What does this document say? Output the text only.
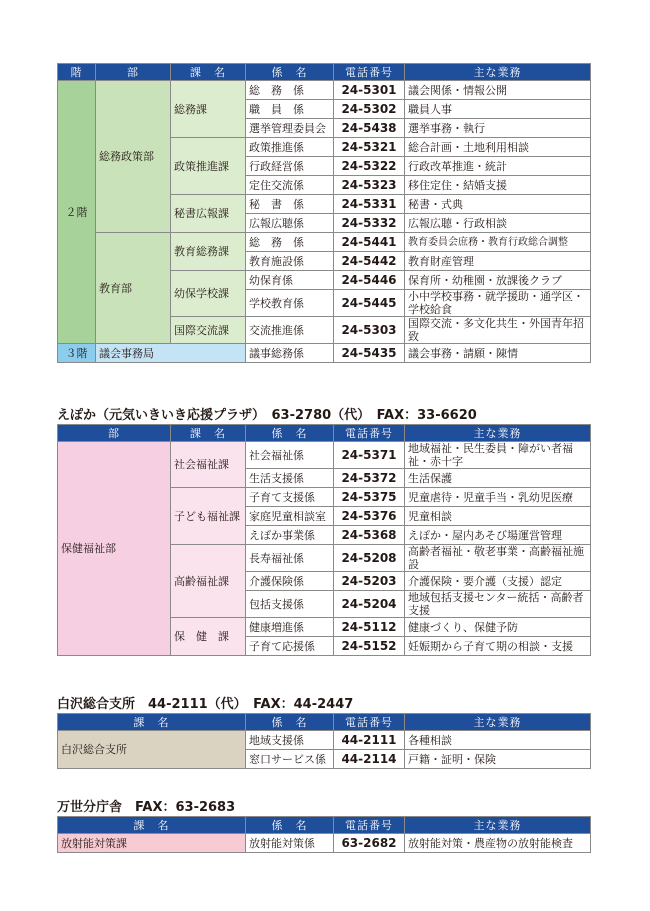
階	部	課　名	係　名	電話番号	主な業務
２階	総務政策部	総務課	総　務　係	24-5301	議会関係・情報公開
			職　員　係	24-5302	職員人事
			選挙管理委員会	24-5438	選挙事務・執行
		政策推進課	政策推進係	24-5321	総合計画・土地利用相談
			行政経営係	24-5322	行政改革推進・統計
			定住交流係	24-5323	移住定住・結婚支援
		秘書広報課	秘　書　係	24-5331	秘書・式典
			広報広聴係	24-5332	広報広聴・行政相談
	教育部	教育総務課	総　務　係	24-5441	教育委員会庶務・教育行政総合調整
			教育施設係	24-5442	教育財産管理
		幼保学校課	幼保育係	24-5446	保育所・幼稚園・放課後クラブ
			学校教育係	24-5445	小中学校事務・就学援助・通学区・学校給食
		国際交流課	交流推進係	24-5303	国際交流・多文化共生・外国青年招致
３階	議会事務局		議事総務係	24-5435	議会事務・請願・陳情
えぽか（元気いきいき応援プラザ）　63-2780（代）　FAX：33-6620
部	課　名	係　名	電話番号	主な業務
保健福祉部	社会福祉課	社会福祉係	24-5371	地域福祉・民生委員・障がい者福祉・赤十字
		生活支援係	24-5372	生活保護
	子ども福祉課	子育て支援係	24-5375	児童虐待・児童手当・乳幼児医療
		家庭児童相談室	24-5376	児童相談
		えぽか事業係	24-5368	えぽか・屋内あそび場運営管理
	高齢福祉課	長寿福祉係	24-5208	高齢者福祉・敬老事業・高齢福祉施設
		介護保険係	24-5203	介護保険・要介護（支援）認定
		包括支援係	24-5204	地域包括支援センター統括・高齢者支援
	保　健　課	健康増進係	24-5112	健康づくり、保健予防
		子育て応援係	24-5152	妊娠期から子育て期の相談・支援
白沢総合支所　44-2111（代）　FAX：44-2447
課　名	係　名	電話番号	主な業務
白沢総合支所	地域支援係	44-2111	各種相談
	窓口サービス係	44-2114	戸籍・証明・保険
万世分庁舎　FAX：63-2683
課　名	係　名	電話番号	主な業務
放射能対策課	放射能対策係	63-2682	放射能対策・農産物の放射能検査
